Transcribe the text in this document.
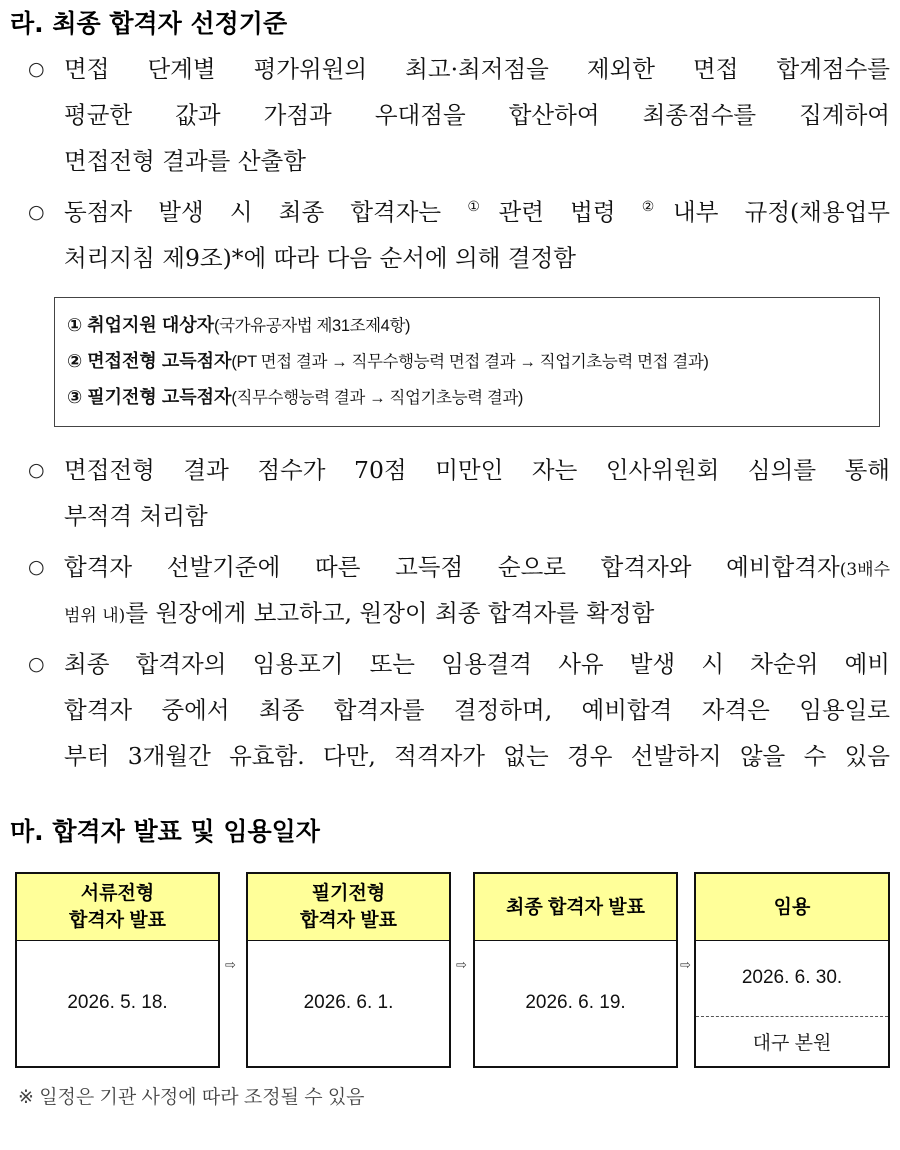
라. 최종 합격자 선정기준
○ 면접 단계별 평가위원의 최고·최저점을 제외한 면접 합계점수를
평균한 값과 가점과 우대점을 합산하여 최종점수를 집계하여
면접전형 결과를 산출함
○ 동점자 발생 시 최종 합격자는 ①관련 법령 ②내부 규정(채용업무
처리지침 제9조)*에 따라 다음 순서에 의해 결정함
① 취업지원 대상자(국가유공자법 제31조제4항)
② 면접전형 고득점자(PT 면접 결과 → 직무수행능력 면접 결과 → 직업기초능력 면접 결과)
③ 필기전형 고득점자(직무수행능력 결과 → 직업기초능력 결과)
○ 면접전형 결과 점수가 70점 미만인 자는 인사위원회 심의를 통해
부적격 처리함
○ 합격자 선발기준에 따른 고득점 순으로 합격자와 예비합격자(3배수
범위 내)를 원장에게 보고하고, 원장이 최종 합격자를 확정함
○ 최종 합격자의 임용포기 또는 임용결격 사유 발생 시 차순위 예비
합격자 중에서 최종 합격자를 결정하며, 예비합격 자격은 임용일로
부터 3개월간 유효함. 다만, 적격자가 없는 경우 선발하지 않을 수 있음
마. 합격자 발표 및 임용일자
서류전형
합격자 발표
2026. 5. 18.
⇨
필기전형
합격자 발표
2026. 6. 1.
⇨
최종 합격자 발표
2026. 6. 19.
⇨
임용
2026. 6. 30.
대구 본원
※ 일정은 기관 사정에 따라 조정될 수 있음
